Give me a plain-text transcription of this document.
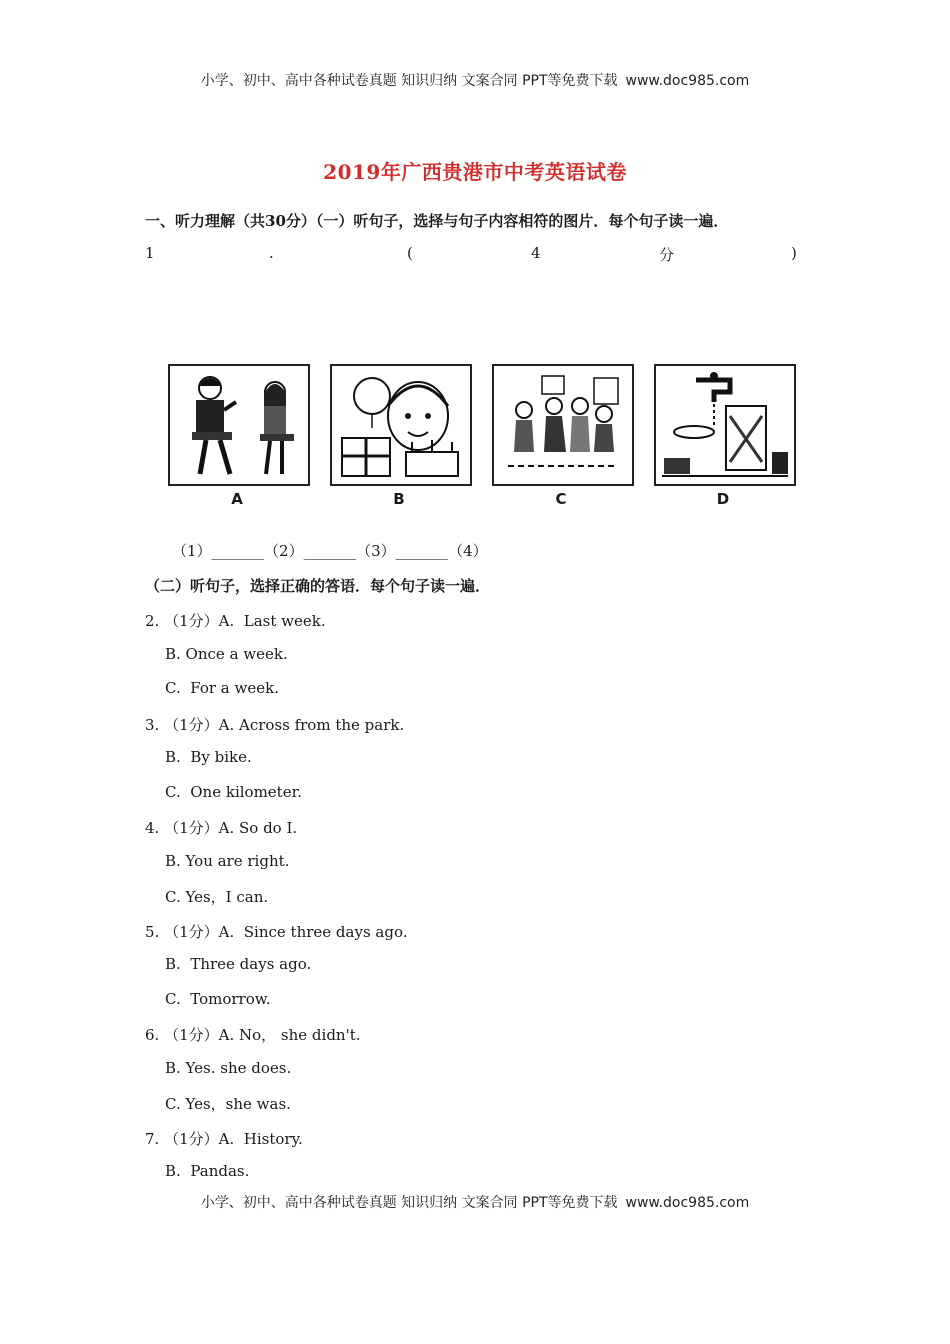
小学、初中、高中各种试卷真题 知识归纳 文案合同 PPT等免费下载 www.doc985.com
2019年广西贵港市中考英语试卷
一、听力理解（共30分）（一）听句子，选择与句子内容相符的图片．每个句子读一遍．
1	.	(	4	分	)
A	B	C	D
（1）_______（2）_______（3）_______（4）
（二）听句子，选择正确的答语．每个句子读一遍．
2. （1分）A.  Last week.
B. Once a week.
C.  For a week.
3. （1分）A. Across from the park.
B.  By bike.
C.  One kilometer.
4. （1分）A. So do I.
B. You are right.
C. Yes，I can.
5. （1分）A.  Since three days ago.
B.  Three days ago.
C.  Tomorrow.
6. （1分）A. No， she didn't.
B. Yes. she does.
C. Yes，she was.
7. （1分）A.  History.
B.  Pandas.
小学、初中、高中各种试卷真题 知识归纳 文案合同 PPT等免费下载 www.doc985.com
